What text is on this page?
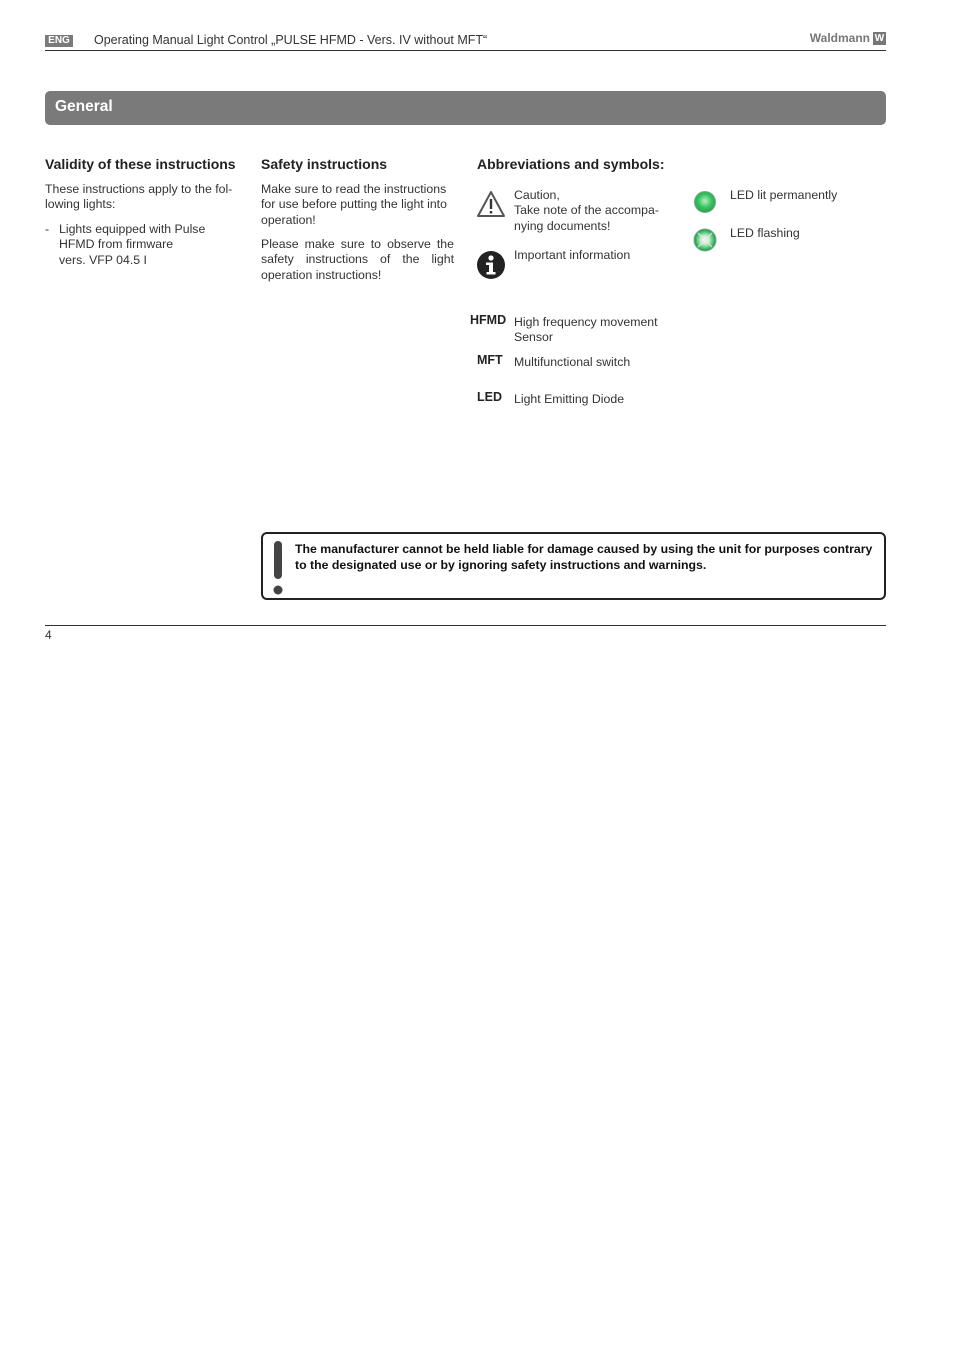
ENG Operating Manual Light Control „PULSE HFMD - Vers. IV without MFT“	Waldmann W
General
Validity of these instructions
These instructions apply to the fol-
lowing lights:
- Lights equipped with Pulse
HFMD from firmware
vers. VFP 04.5 I
Safety instructions
Make sure to read the instructions
for use before putting the light into
operation!
Please make sure to observe the
safety instructions of the light
operation instructions!
Abbreviations and symbols:
Caution,
Take note of the accompa-
nying documents!
Important information
LED lit permanently
LED flashing
HFMD High frequency movement
Sensor
MFT Multifunctional switch
LED Light Emitting Diode
The manufacturer cannot be held liable for damage caused by using the unit for purposes contrary
to the designated use or by ignoring safety instructions and warnings.
4
